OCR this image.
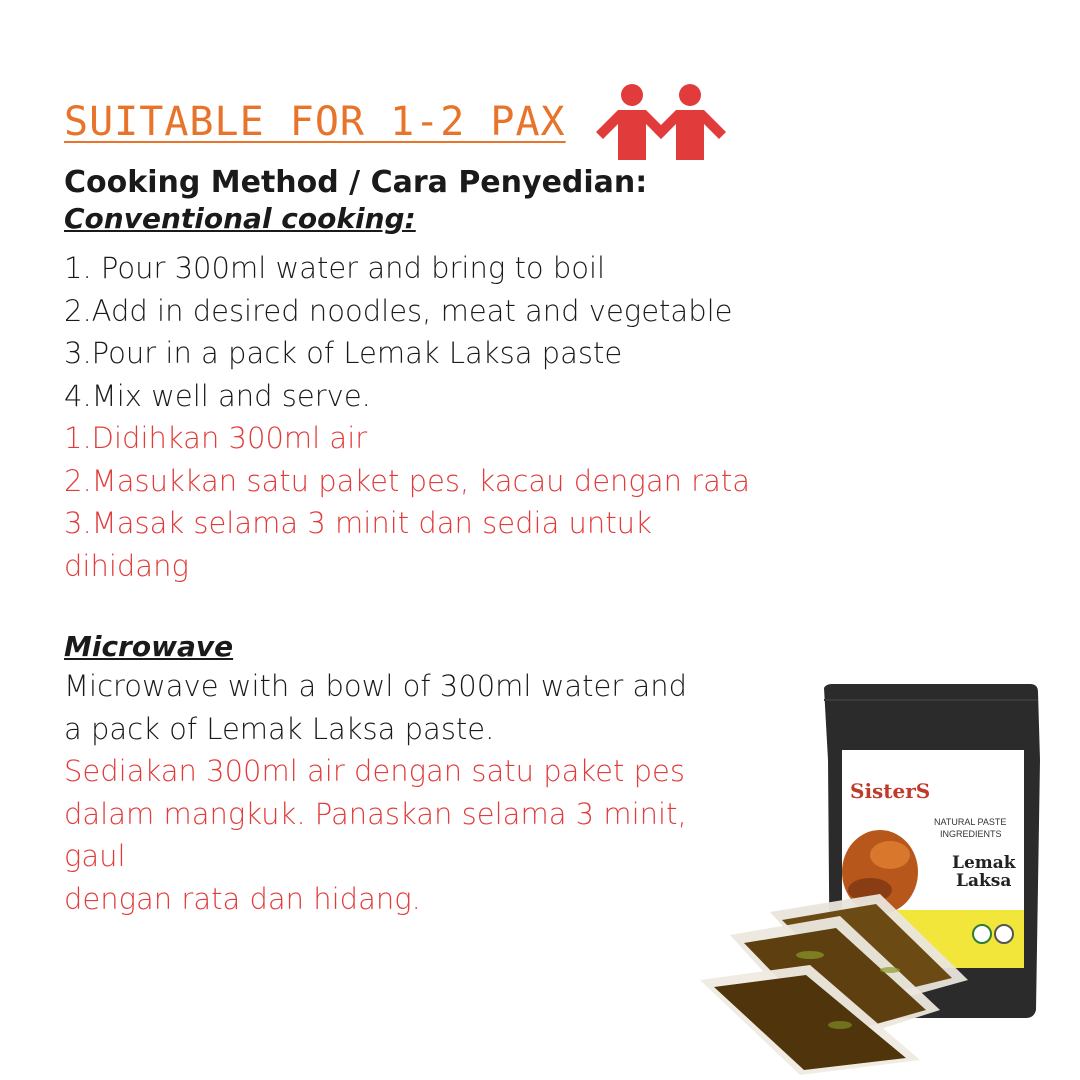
SUITABLE FOR 1-2 PAX

Cooking Method / Cara Penyedian:

Conventional cooking:

1. Pour 300ml water and bring to boil

2.Add in desired noodles, meat and vegetable

3.Pour in a pack of Lemak Laksa paste

4.Mix well and serve.

1.Didihkan 300ml air

2.Masukkan satu paket pes, kacau dengan rata

3.Masak selama 3 minit dan sedia untuk

dihidang

Microwave

Microwave with a bowl of 300ml water and

a pack of Lemak Laksa paste.

Sediakan 300ml air dengan satu paket pes

dalam mangkuk. Panaskan selama 3 minit, gaul

dengan rata dan hidang.

SisterS
NATURAL PASTE
INGREDIENTS
Lemak
Laksa
